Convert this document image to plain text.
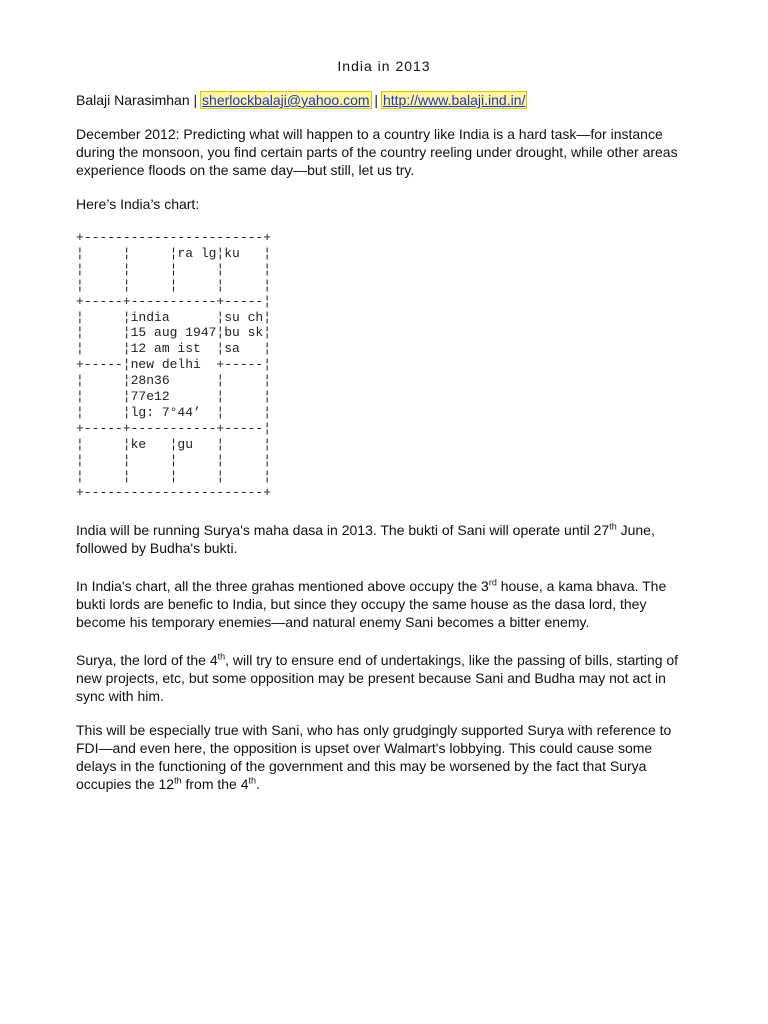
India in 2013
Balaji Narasimhan | sherlockbalaji@yahoo.com | http://www.balaji.ind.in/
December 2012: Predicting what will happen to a country like India is a hard task—for instance during the monsoon, you find certain parts of the country reeling under drought, while other areas experience floods on the same day—but still, let us try.
Here’s India’s chart:
+-----------------------+
¦     ¦     ¦ra lg¦ku   ¦
¦     ¦     ¦     ¦     ¦
¦     ¦     ¦     ¦     ¦
+-----+-----------+-----¦
¦     ¦india      ¦su ch¦
¦     ¦15 aug 1947¦bu sk¦
¦     ¦12 am ist  ¦sa   ¦
+-----¦new delhi  +-----¦
¦     ¦28n36      ¦     ¦
¦     ¦77e12      ¦     ¦
¦     ¦lg: 7°44’  ¦     ¦
+-----+-----------+-----¦
¦     ¦ke   ¦gu   ¦     ¦
¦     ¦     ¦     ¦     ¦
¦     ¦     ¦     ¦     ¦
+-----------------------+
India will be running Surya's maha dasa in 2013. The bukti of Sani will operate until 27th June, followed by Budha's bukti.
In India's chart, all the three grahas mentioned above occupy the 3rd house, a kama bhava. The bukti lords are benefic to India, but since they occupy the same house as the dasa lord, they become his temporary enemies—and natural enemy Sani becomes a bitter enemy.
Surya, the lord of the 4th, will try to ensure end of undertakings, like the passing of bills, starting of new projects, etc, but some opposition may be present because Sani and Budha may not act in sync with him.
This will be especially true with Sani, who has only grudgingly supported Surya with reference to FDI—and even here, the opposition is upset over Walmart's lobbying. This could cause some delays in the functioning of the government and this may be worsened by the fact that Surya occupies the 12th from the 4th.
